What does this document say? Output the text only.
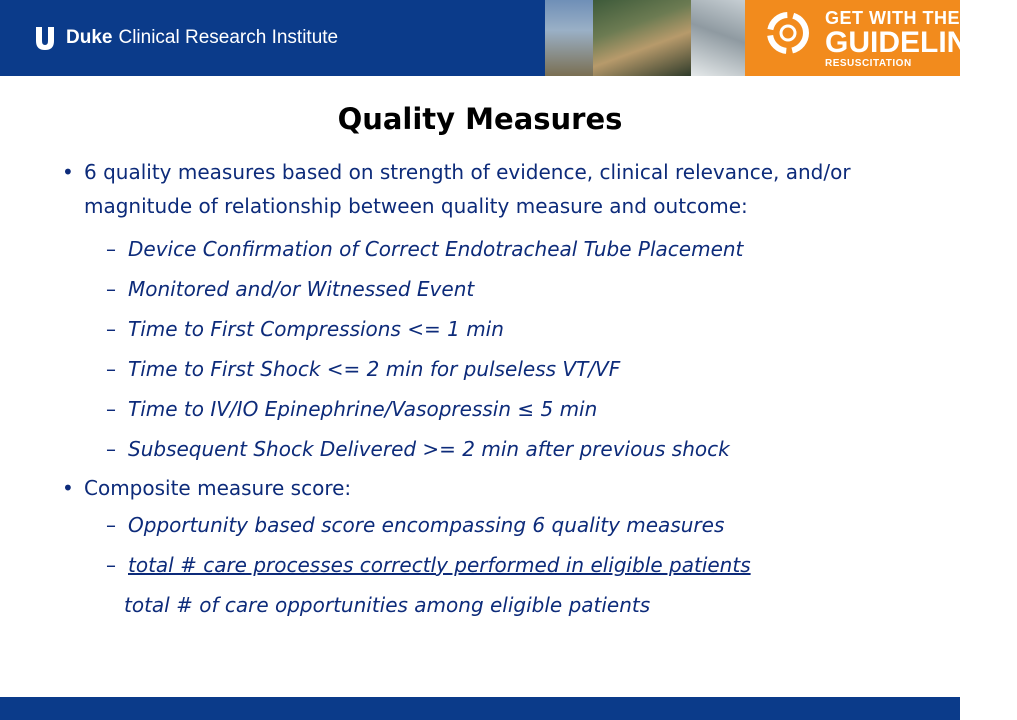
Duke Clinical Research Institute
GET WITH THE
GUIDELINES.
RESUSCITATION
Quality Measures
• 6 quality measures based on strength of evidence, clinical relevance, and/or magnitude of relationship between quality measure and outcome:
– Device Confirmation of Correct Endotracheal Tube Placement
– Monitored and/or Witnessed Event
– Time to First Compressions <= 1 min
– Time to First Shock <= 2 min for pulseless VT/VF
– Time to IV/IO Epinephrine/Vasopressin ≤ 5 min
– Subsequent Shock Delivered >= 2 min after previous shock
• Composite measure score:
– Opportunity based score encompassing 6 quality measures
– total # care processes correctly performed in eligible patients
total # of care opportunities among eligible patients
